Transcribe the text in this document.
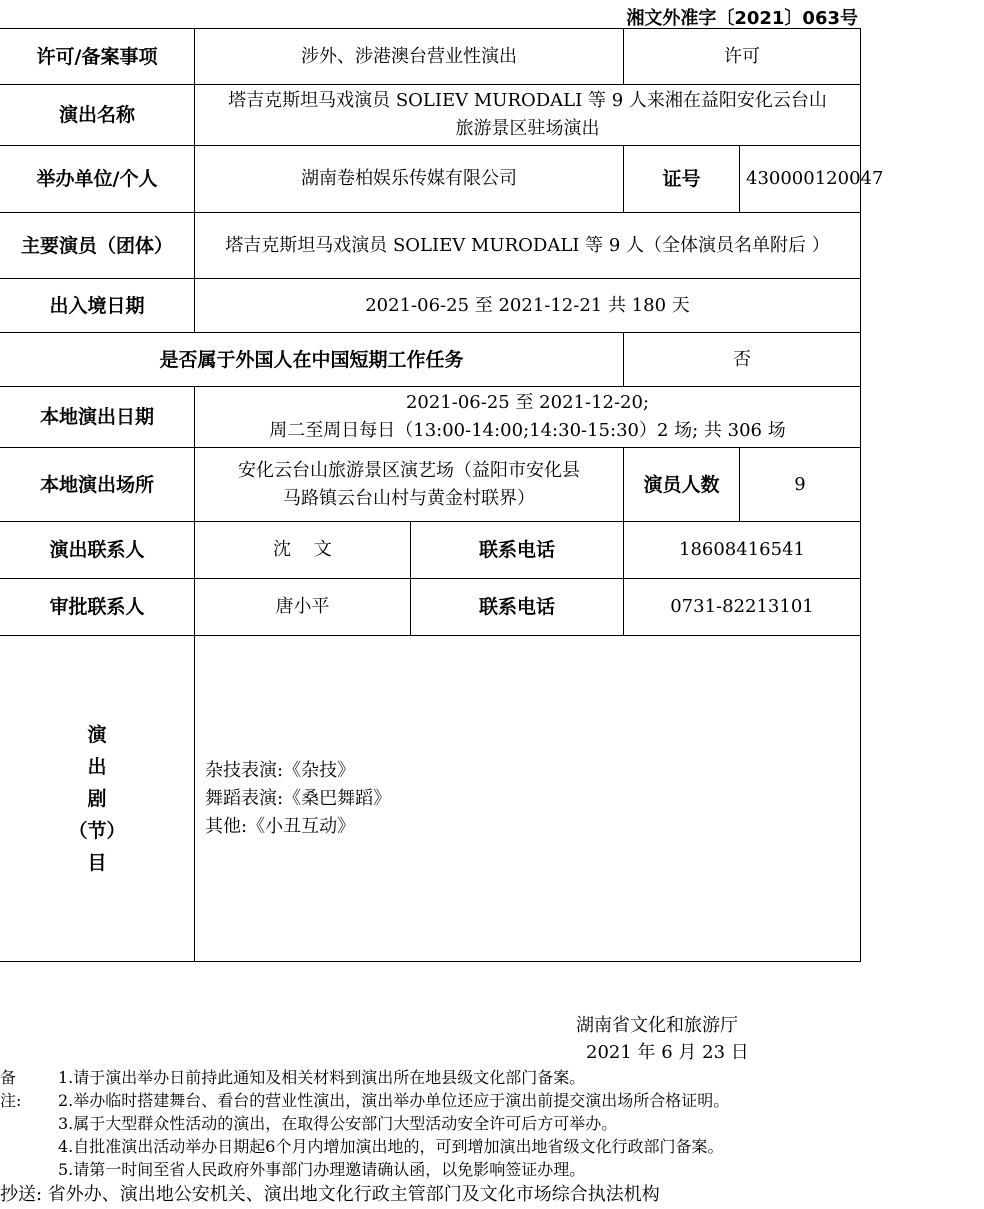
湘文外准字〔2021〕063号
许可/备案事项	涉外、涉港澳台营业性演出		许可	
演出名称	塔吉克斯坦马戏演员 SOLIEV MURODALI 等 9 人来湘在益阳安化云台山
旅游景区驻场演出			

举办单位/个人	湖南卷柏娱乐传媒有限公司		证号	430000120047
主要演员（团体）	塔吉克斯坦马戏演员 SOLIEV MURODALI 等 9 人（全体演员名单附后 ）			
出入境日期	2021-06-25 至 2021-12-21 共 180 天			
是否属于外国人在中国短期工作任务			否	
本地演出日期	2021-06-25 至 2021-12-20;
周二至周日每日（13:00-14:00;14:30-15:30）2 场; 共 306 场			

本地演出场所	安化云台山旅游景区演艺场（益阳市安化县
马路镇云台山村与黄金村联界）		演员人数	9
演出联系人	沈    文	联系电话	18608416541	
审批联系人	唐小平	联系电话	0731-82213101	

演
出
剧
（节）
目	杂技表演:《杂技》
舞蹈表演:《桑巴舞蹈》
其他:《小丑互动》			
湖南省文化和旅游厅
2021 年 6 月 23 日
备注:
1.请于演出举办日前持此通知及相关材料到演出所在地县级文化部门备案。
2.举办临时搭建舞台、看台的营业性演出，演出举办单位还应于演出前提交演出场所合格证明。
3.属于大型群众性活动的演出，在取得公安部门大型活动安全许可后方可举办。
4.自批准演出活动举办日期起6个月内增加演出地的，可到增加演出地省级文化行政部门备案。
5.请第一时间至省人民政府外事部门办理邀请确认函，以免影响签证办理。
抄送: 省外办、演出地公安机关、演出地文化行政主管部门及文化市场综合执法机构
